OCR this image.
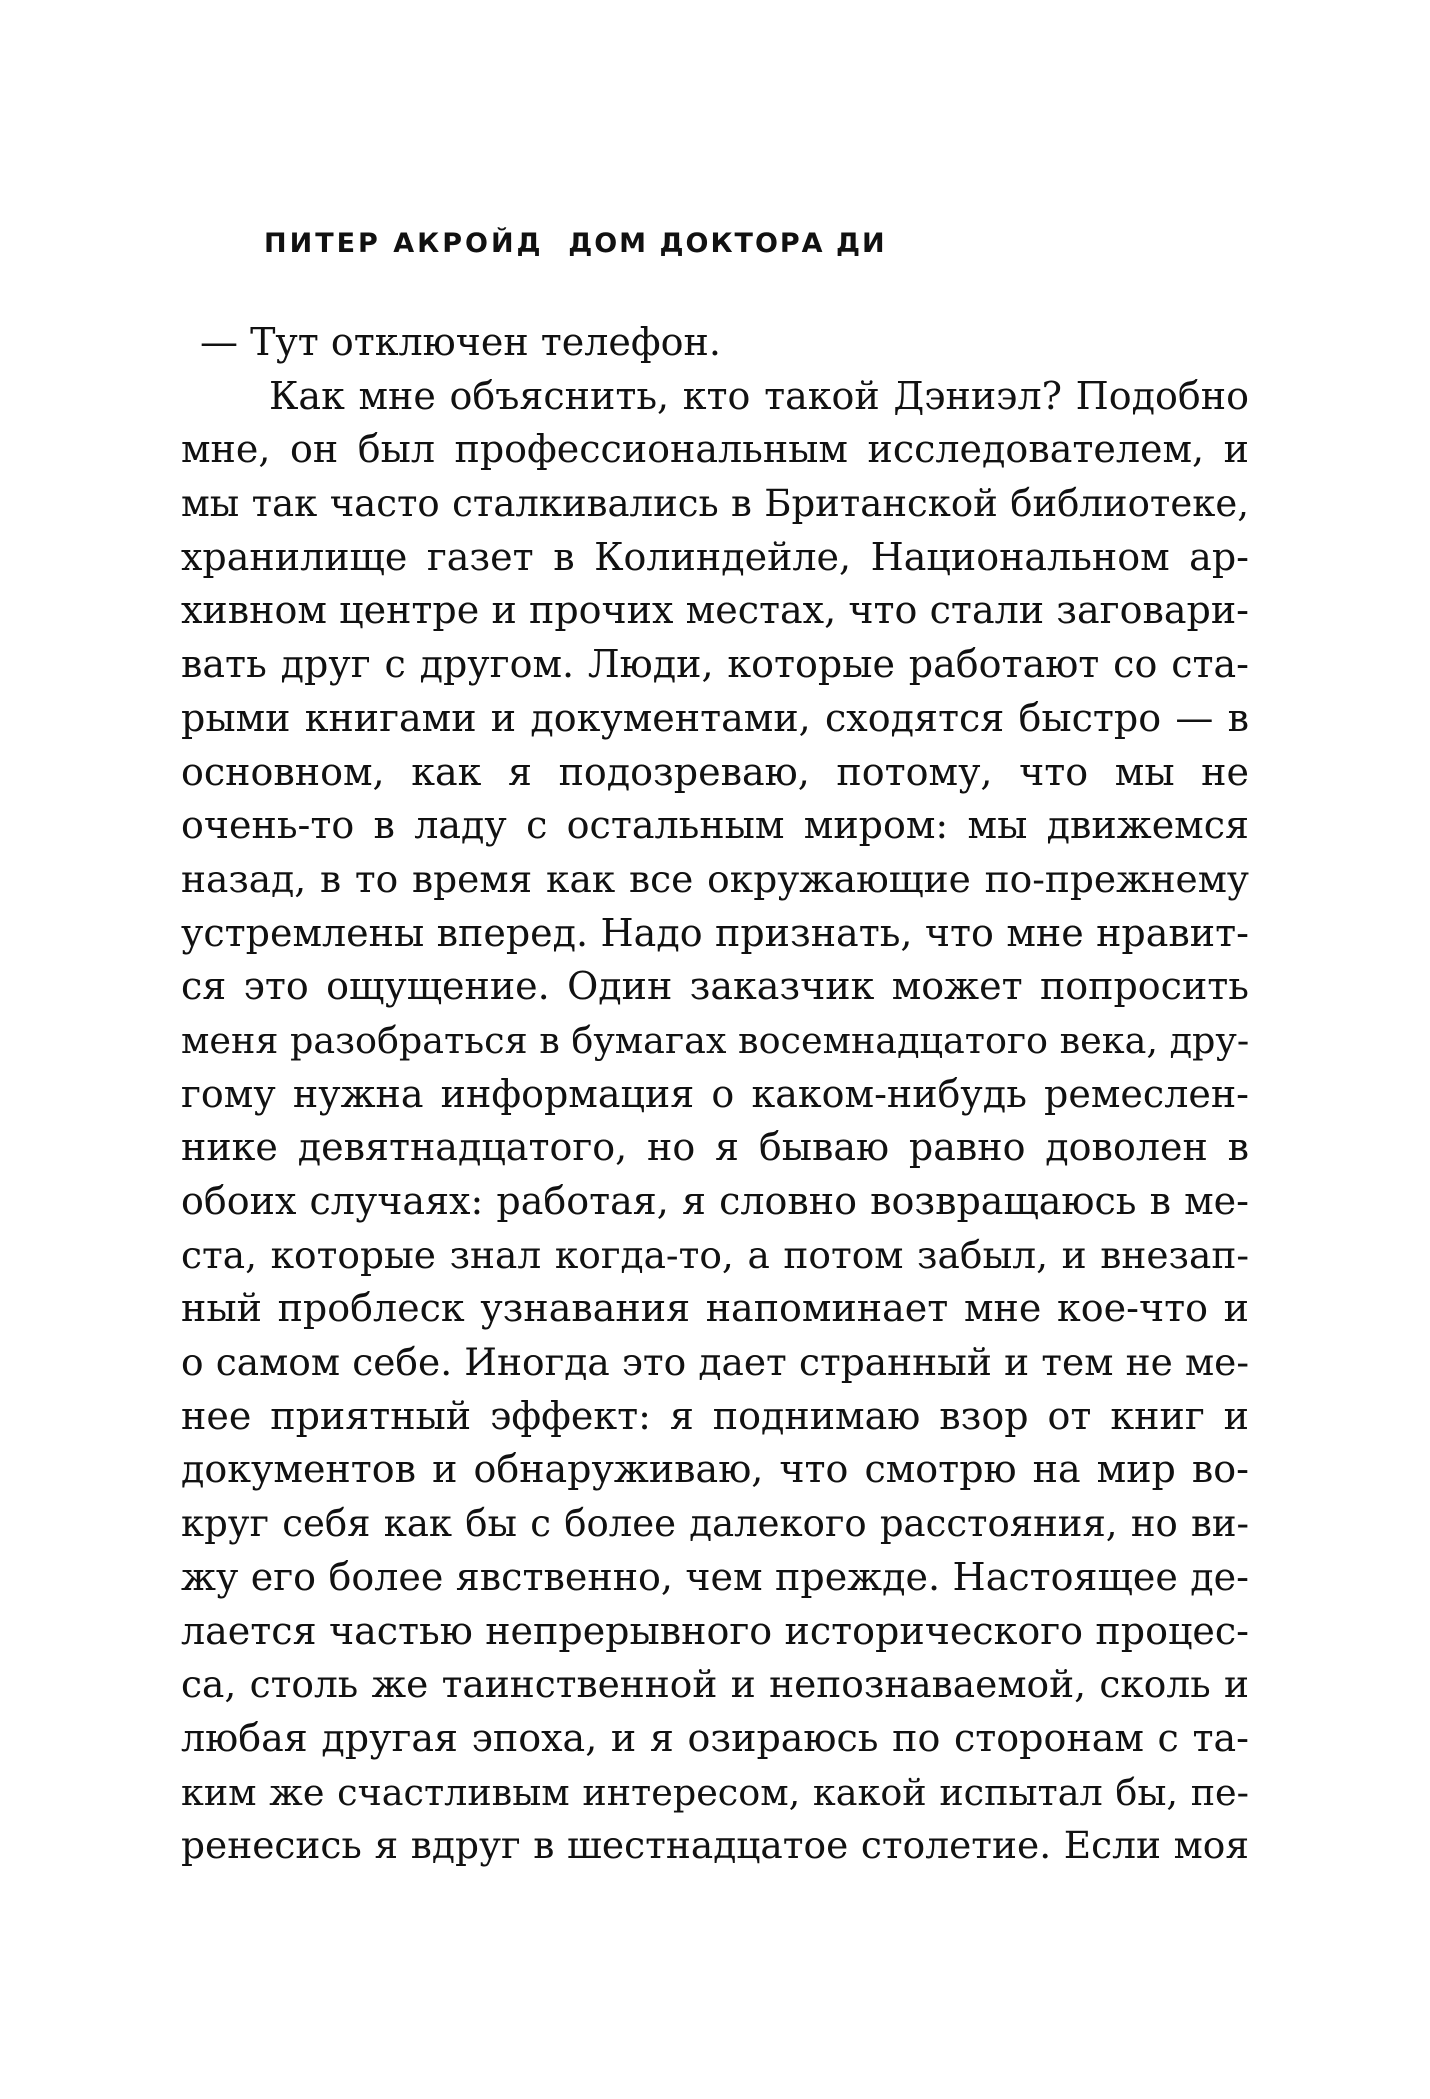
ПИТЕР АКРОЙД ДОМ ДОКТОРА ДИ
— Тут отключен телефон.
Как мне объяснить, кто такой Дэниэл? Подобно
мне, он был профессиональным исследователем, и
мы так часто сталкивались в Британской библиотеке,
хранилище газет в Колиндейле, Национальном ар-
хивном центре и прочих местах, что стали заговари-
вать друг с другом. Люди, которые работают со ста-
рыми книгами и документами, сходятся быстро — в
основном, как я подозреваю, потому, что мы не
очень-то в ладу с остальным миром: мы движемся
назад, в то время как все окружающие по-прежнему
устремлены вперед. Надо признать, что мне нравит-
ся это ощущение. Один заказчик может попросить
меня разобраться в бумагах восемнадцатого века, дру-
гому нужна информация о каком-нибудь ремеслен-
нике девятнадцатого, но я бываю равно доволен в
обоих случаях: работая, я словно возвращаюсь в ме-
ста, которые знал когда-то, а потом забыл, и внезап-
ный проблеск узнавания напоминает мне кое-что и
о самом себе. Иногда это дает странный и тем не ме-
нее приятный эффект: я поднимаю взор от книг и
документов и обнаруживаю, что смотрю на мир во-
круг себя как бы с более далекого расстояния, но ви-
жу его более явственно, чем прежде. Настоящее де-
лается частью непрерывного исторического процес-
са, столь же таинственной и непознаваемой, сколь и
любая другая эпоха, и я озираюсь по сторонам с та-
ким же счастливым интересом, какой испытал бы, пе-
ренесись я вдруг в шестнадцатое столетие. Если моя
